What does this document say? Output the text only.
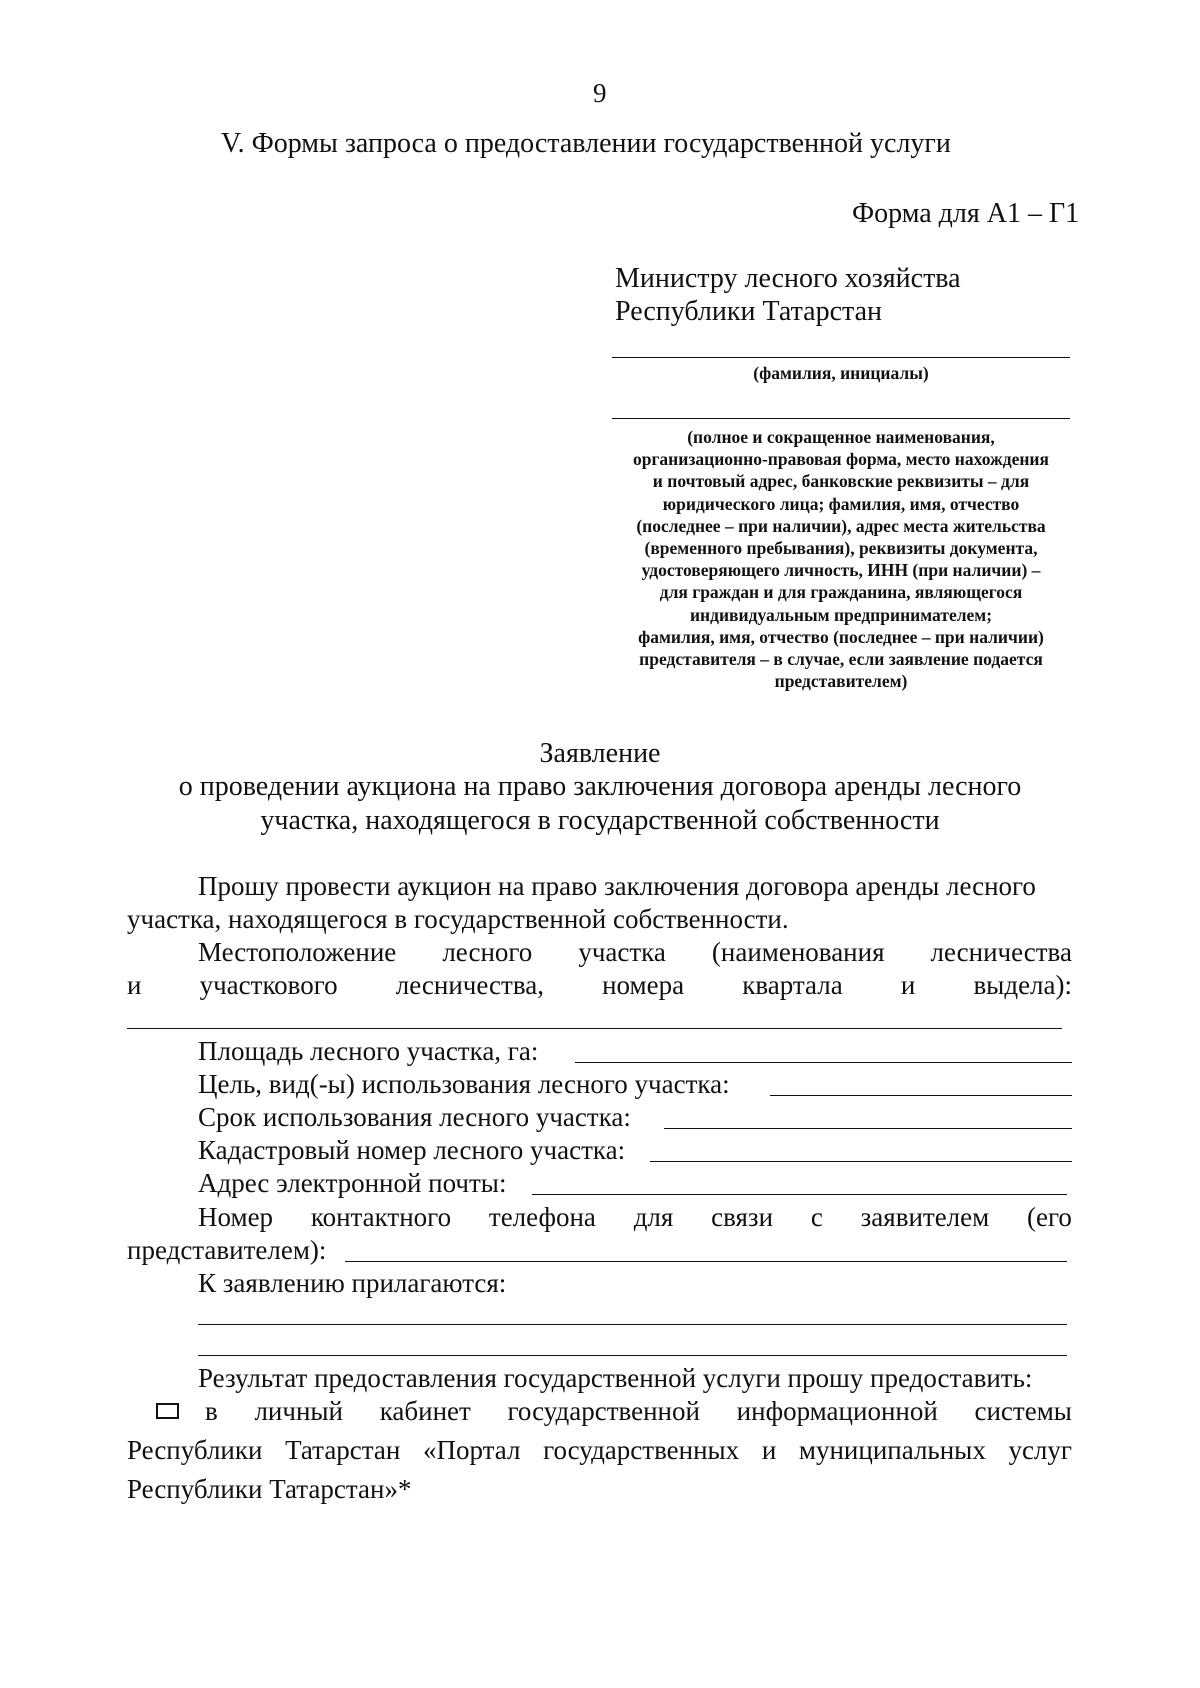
9
V. Формы запроса о предоставлении государственной услуги
Форма для А1 – Г1
Министру лесного хозяйства
Республики Татарстан
(фамилия, инициалы)
(полное и сокращенное наименования,
организационно-правовая форма, место нахождения
и почтовый адрес, банковские реквизиты – для
юридического лица; фамилия, имя, отчество
(последнее – при наличии), адрес места жительства
(временного пребывания), реквизиты документа,
удостоверяющего личность, ИНН (при наличии) –
для граждан и для гражданина, являющегося
индивидуальным предпринимателем;
фамилия, имя, отчество (последнее – при наличии)
представителя – в случае, если заявление подается
представителем)
Заявление
о проведении аукциона на право заключения договора аренды лесного
участка, находящегося в государственной собственности
Прошу провести аукцион на право заключения договора аренды лесного
участка, находящегося в государственной собственности.
Местоположение лесного участка (наименования лесничества
и участкового лесничества, номера квартала и выдела):
Площадь лесного участка, га:
Цель, вид(-ы) использования лесного участка:
Срок использования лесного участка:
Кадастровый номер лесного участка:
Адрес электронной почты:
Номер контактного телефона для связи с заявителем (его
представителем):
К заявлению прилагаются:
Результат предоставления государственной услуги прошу предоставить:
в личный кабинет государственной информационной системы
Республики Татарстан «Портал государственных и муниципальных услуг
Республики Татарстан»*
